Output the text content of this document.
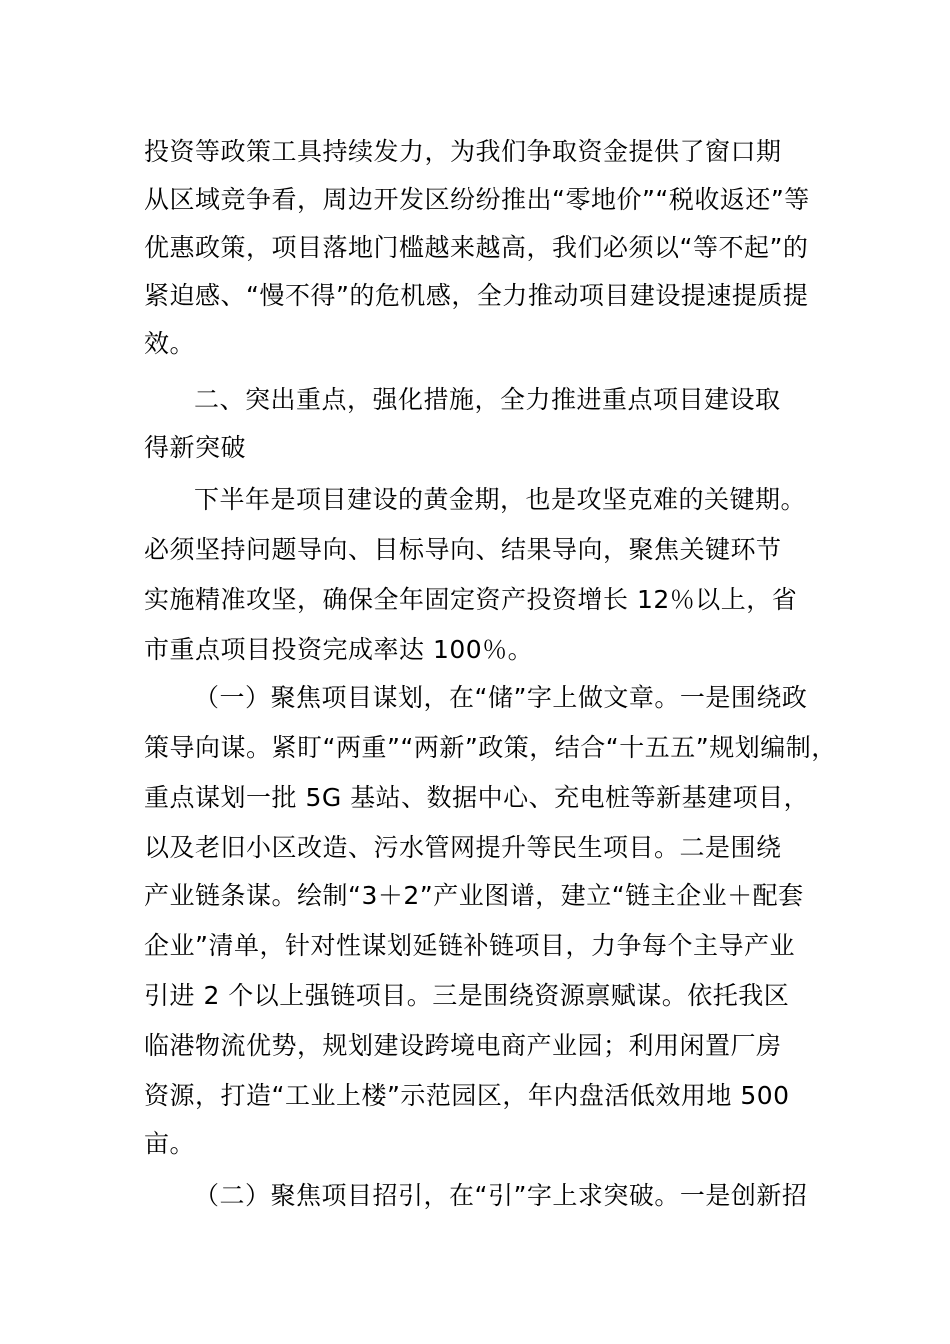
投资等政策工具持续发力，为我们争取资金提供了窗口期

从区域竞争看，周边开发区纷纷推出“零地价”“税收返还”等

优惠政策，项目落地门槛越来越高，我们必须以“等不起”的

紧迫感、“慢不得”的危机感，全力推动项目建设提速提质提

效。

二、突出重点，强化措施，全力推进重点项目建设取

得新突破

下半年是项目建设的黄金期，也是攻坚克难的关键期。

必须坚持问题导向、目标导向、结果导向，聚焦关键环节

实施精准攻坚，确保全年固定资产投资增长 12％以上，省

市重点项目投资完成率达 100％。

（一）聚焦项目谋划，在“储”字上做文章。一是围绕政

策导向谋。紧盯“两重”“两新”政策，结合“十五五”规划编制，

重点谋划一批 5G 基站、数据中心、充电桩等新基建项目，

以及老旧小区改造、污水管网提升等民生项目。二是围绕

产业链条谋。绘制“3＋2”产业图谱，建立“链主企业＋配套

企业”清单，针对性谋划延链补链项目，力争每个主导产业

引进 2 个以上强链项目。三是围绕资源禀赋谋。依托我区

临港物流优势，规划建设跨境电商产业园；利用闲置厂房

资源，打造“工业上楼”示范园区，年内盘活低效用地 500

亩。

（二）聚焦项目招引，在“引”字上求突破。一是创新招
